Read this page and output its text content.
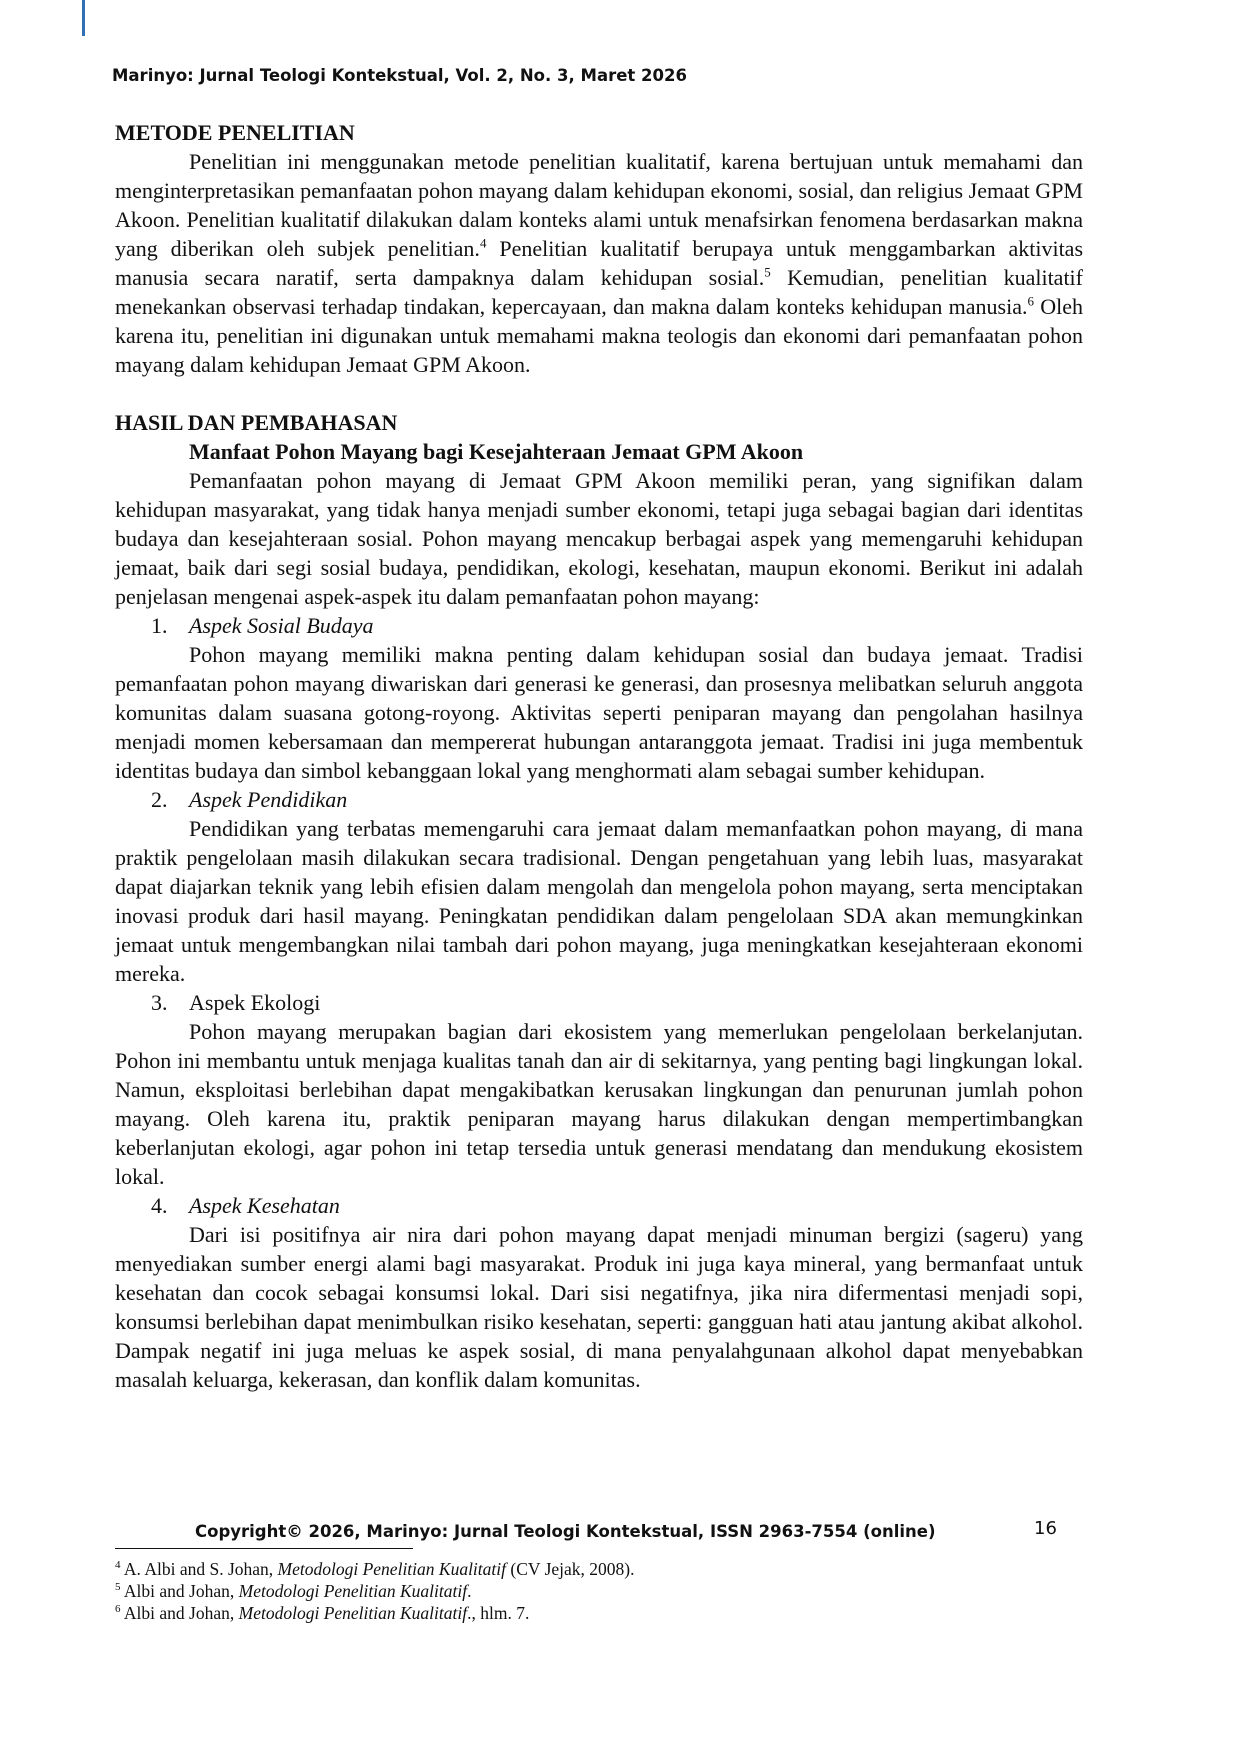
Marinyo: Jurnal Teologi Kontekstual, Vol. 2, No. 3, Maret 2026
METODE PENELITIAN

Penelitian ini menggunakan metode penelitian kualitatif, karena bertujuan untuk memahami dan menginterpretasikan pemanfaatan pohon mayang dalam kehidupan ekonomi, sosial, dan religius Jemaat GPM Akoon. Penelitian kualitatif dilakukan dalam konteks alami untuk menafsirkan fenomena berdasarkan makna yang diberikan oleh subjek penelitian.$^4$ Penelitian kualitatif berupaya untuk menggambarkan aktivitas manusia secara naratif, serta dampaknya dalam kehidupan sosial.$^5$ Kemudian, penelitian kualitatif menekankan observasi terhadap tindakan, kepercayaan, dan makna dalam konteks kehidupan manusia.$^6$ Oleh karena itu, penelitian ini digunakan untuk memahami makna teologis dan ekonomi dari pemanfaatan pohon mayang dalam kehidupan Jemaat GPM Akoon.

HASIL DAN PEMBAHASAN
Manfaat Pohon Mayang bagi Kesejahteraan Jemaat GPM Akoon

Pemanfaatan pohon mayang di Jemaat GPM Akoon memiliki peran, yang signifikan dalam kehidupan masyarakat, yang tidak hanya menjadi sumber ekonomi, tetapi juga sebagai bagian dari identitas budaya dan kesejahteraan sosial. Pohon mayang mencakup berbagai aspek yang memengaruhi kehidupan jemaat, baik dari segi sosial budaya, pendidikan, ekologi, kesehatan, maupun ekonomi. Berikut ini adalah penjelasan mengenai aspek-aspek itu dalam pemanfaatan pohon mayang:

1. Aspek Sosial Budaya

Pohon mayang memiliki makna penting dalam kehidupan sosial dan budaya jemaat. Tradisi pemanfaatan pohon mayang diwariskan dari generasi ke generasi, dan prosesnya melibatkan seluruh anggota komunitas dalam suasana gotong-royong. Aktivitas seperti peniparan mayang dan pengolahan hasilnya menjadi momen kebersamaan dan mempererat hubungan antaranggota jemaat. Tradisi ini juga membentuk identitas budaya dan simbol kebanggaan lokal yang menghormati alam sebagai sumber kehidupan.

2. Aspek Pendidikan

Pendidikan yang terbatas memengaruhi cara jemaat dalam memanfaatkan pohon mayang, di mana praktik pengelolaan masih dilakukan secara tradisional. Dengan pengetahuan yang lebih luas, masyarakat dapat diajarkan teknik yang lebih efisien dalam mengolah dan mengelola pohon mayang, serta menciptakan inovasi produk dari hasil mayang. Peningkatan pendidikan dalam pengelolaan SDA akan memungkinkan jemaat untuk mengembangkan nilai tambah dari pohon mayang, juga meningkatkan kesejahteraan ekonomi mereka.

3. Aspek Ekologi

Pohon mayang merupakan bagian dari ekosistem yang memerlukan pengelolaan berkelanjutan. Pohon ini membantu untuk menjaga kualitas tanah dan air di sekitarnya, yang penting bagi lingkungan lokal. Namun, eksploitasi berlebihan dapat mengakibatkan kerusakan lingkungan dan penurunan jumlah pohon mayang. Oleh karena itu, praktik peniparan mayang harus dilakukan dengan mempertimbangkan keberlanjutan ekologi, agar pohon ini tetap tersedia untuk generasi mendatang dan mendukung ekosistem lokal.

4. Aspek Kesehatan

Dari isi positifnya air nira dari pohon mayang dapat menjadi minuman bergizi (sageru) yang menyediakan sumber energi alami bagi masyarakat. Produk ini juga kaya mineral, yang bermanfaat untuk kesehatan dan cocok sebagai konsumsi lokal. Dari sisi negatifnya, jika nira difermentasi menjadi sopi, konsumsi berlebihan dapat menimbulkan risiko kesehatan, seperti: gangguan hati atau jantung akibat alkohol. Dampak negatif ini juga meluas ke aspek sosial, di mana penyalahgunaan alkohol dapat menyebabkan masalah keluarga, kekerasan, dan konflik dalam komunitas.

Copyright© 2026, Marinyo: Jurnal Teologi Kontekstual, ISSN 2963-7554 (online)	16

$^4$ A. Albi and S. Johan, Metodologi Penelitian Kualitatif (CV Jejak, 2008).

$^5$ Albi and Johan, Metodologi Penelitian Kualitatif.

$^6$ Albi and Johan, Metodologi Penelitian Kualitatif., hlm. 7.
